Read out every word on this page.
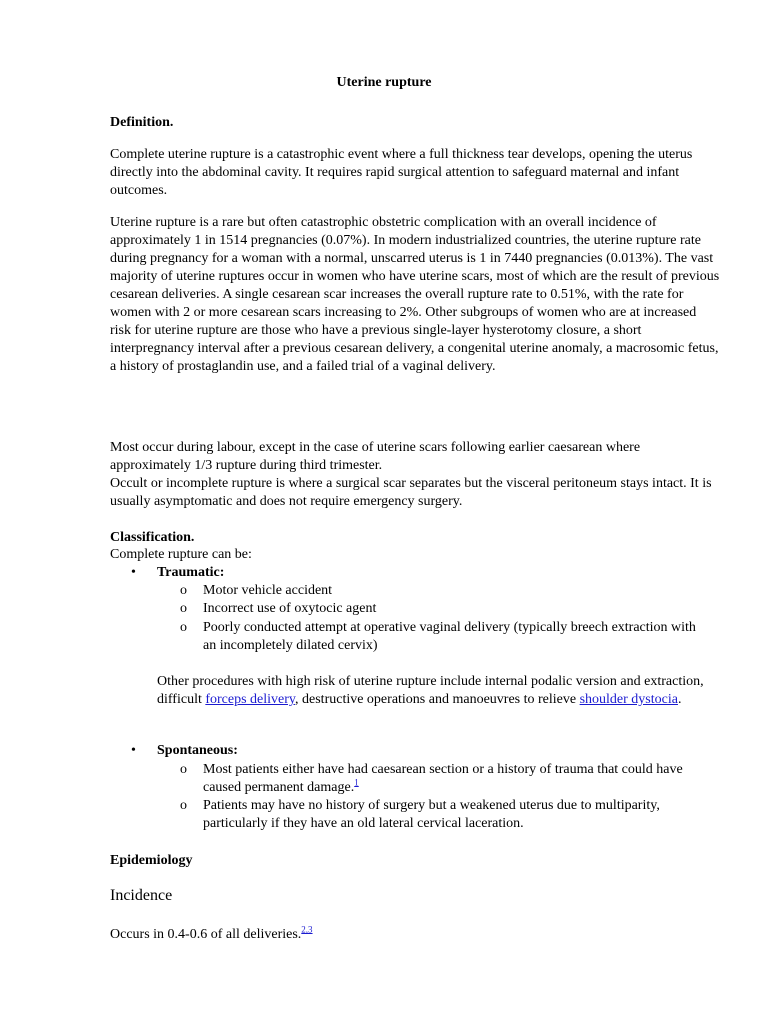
Uterine rupture

Definition.

Complete uterine rupture is a catastrophic event where a full thickness tear develops, opening the uterus directly into the abdominal cavity. It requires rapid surgical attention to safeguard maternal and infant outcomes.

Uterine rupture is a rare but often catastrophic obstetric complication with an overall incidence of approximately 1 in 1514 pregnancies (0.07%). In modern industrialized countries, the uterine rupture rate during pregnancy for a woman with a normal, unscarred uterus is 1 in 7440 pregnancies (0.013%). The vast majority of uterine ruptures occur in women who have uterine scars, most of which are the result of previous cesarean deliveries. A single cesarean scar increases the overall rupture rate to 0.51%, with the rate for women with 2 or more cesarean scars increasing to 2%. Other subgroups of women who are at increased risk for uterine rupture are those who have a previous single-layer hysterotomy closure, a short interpregnancy interval after a previous cesarean delivery, a congenital uterine anomaly, a macrosomic fetus, a history of prostaglandin use, and a failed trial of a vaginal delivery.

Most occur during labour, except in the case of uterine scars following earlier caesarean where approximately 1/3 rupture during third trimester.

Occult or incomplete rupture is where a surgical scar separates but the visceral peritoneum stays intact. It is usually asymptomatic and does not require emergency surgery.

Classification.

Complete rupture can be:

• Traumatic:
o Motor vehicle accident

o Incorrect use of oxytocic agent

o Poorly conducted attempt at operative vaginal delivery (typically breech extraction with an incompletely dilated cervix)

Other procedures with high risk of uterine rupture include internal podalic version and extraction, difficult forceps delivery, destructive operations and manoeuvres to relieve shoulder dystocia.

• Spontaneous:
o Most patients either have had caesarean section or a history of trauma that could have caused permanent damage.$^1$

o Patients may have no history of surgery but a weakened uterus due to multiparity, particularly if they have an old lateral cervical laceration.

Epidemiology

Incidence

Occurs in 0.4-0.6 of all deliveries.$^{2,3}$
